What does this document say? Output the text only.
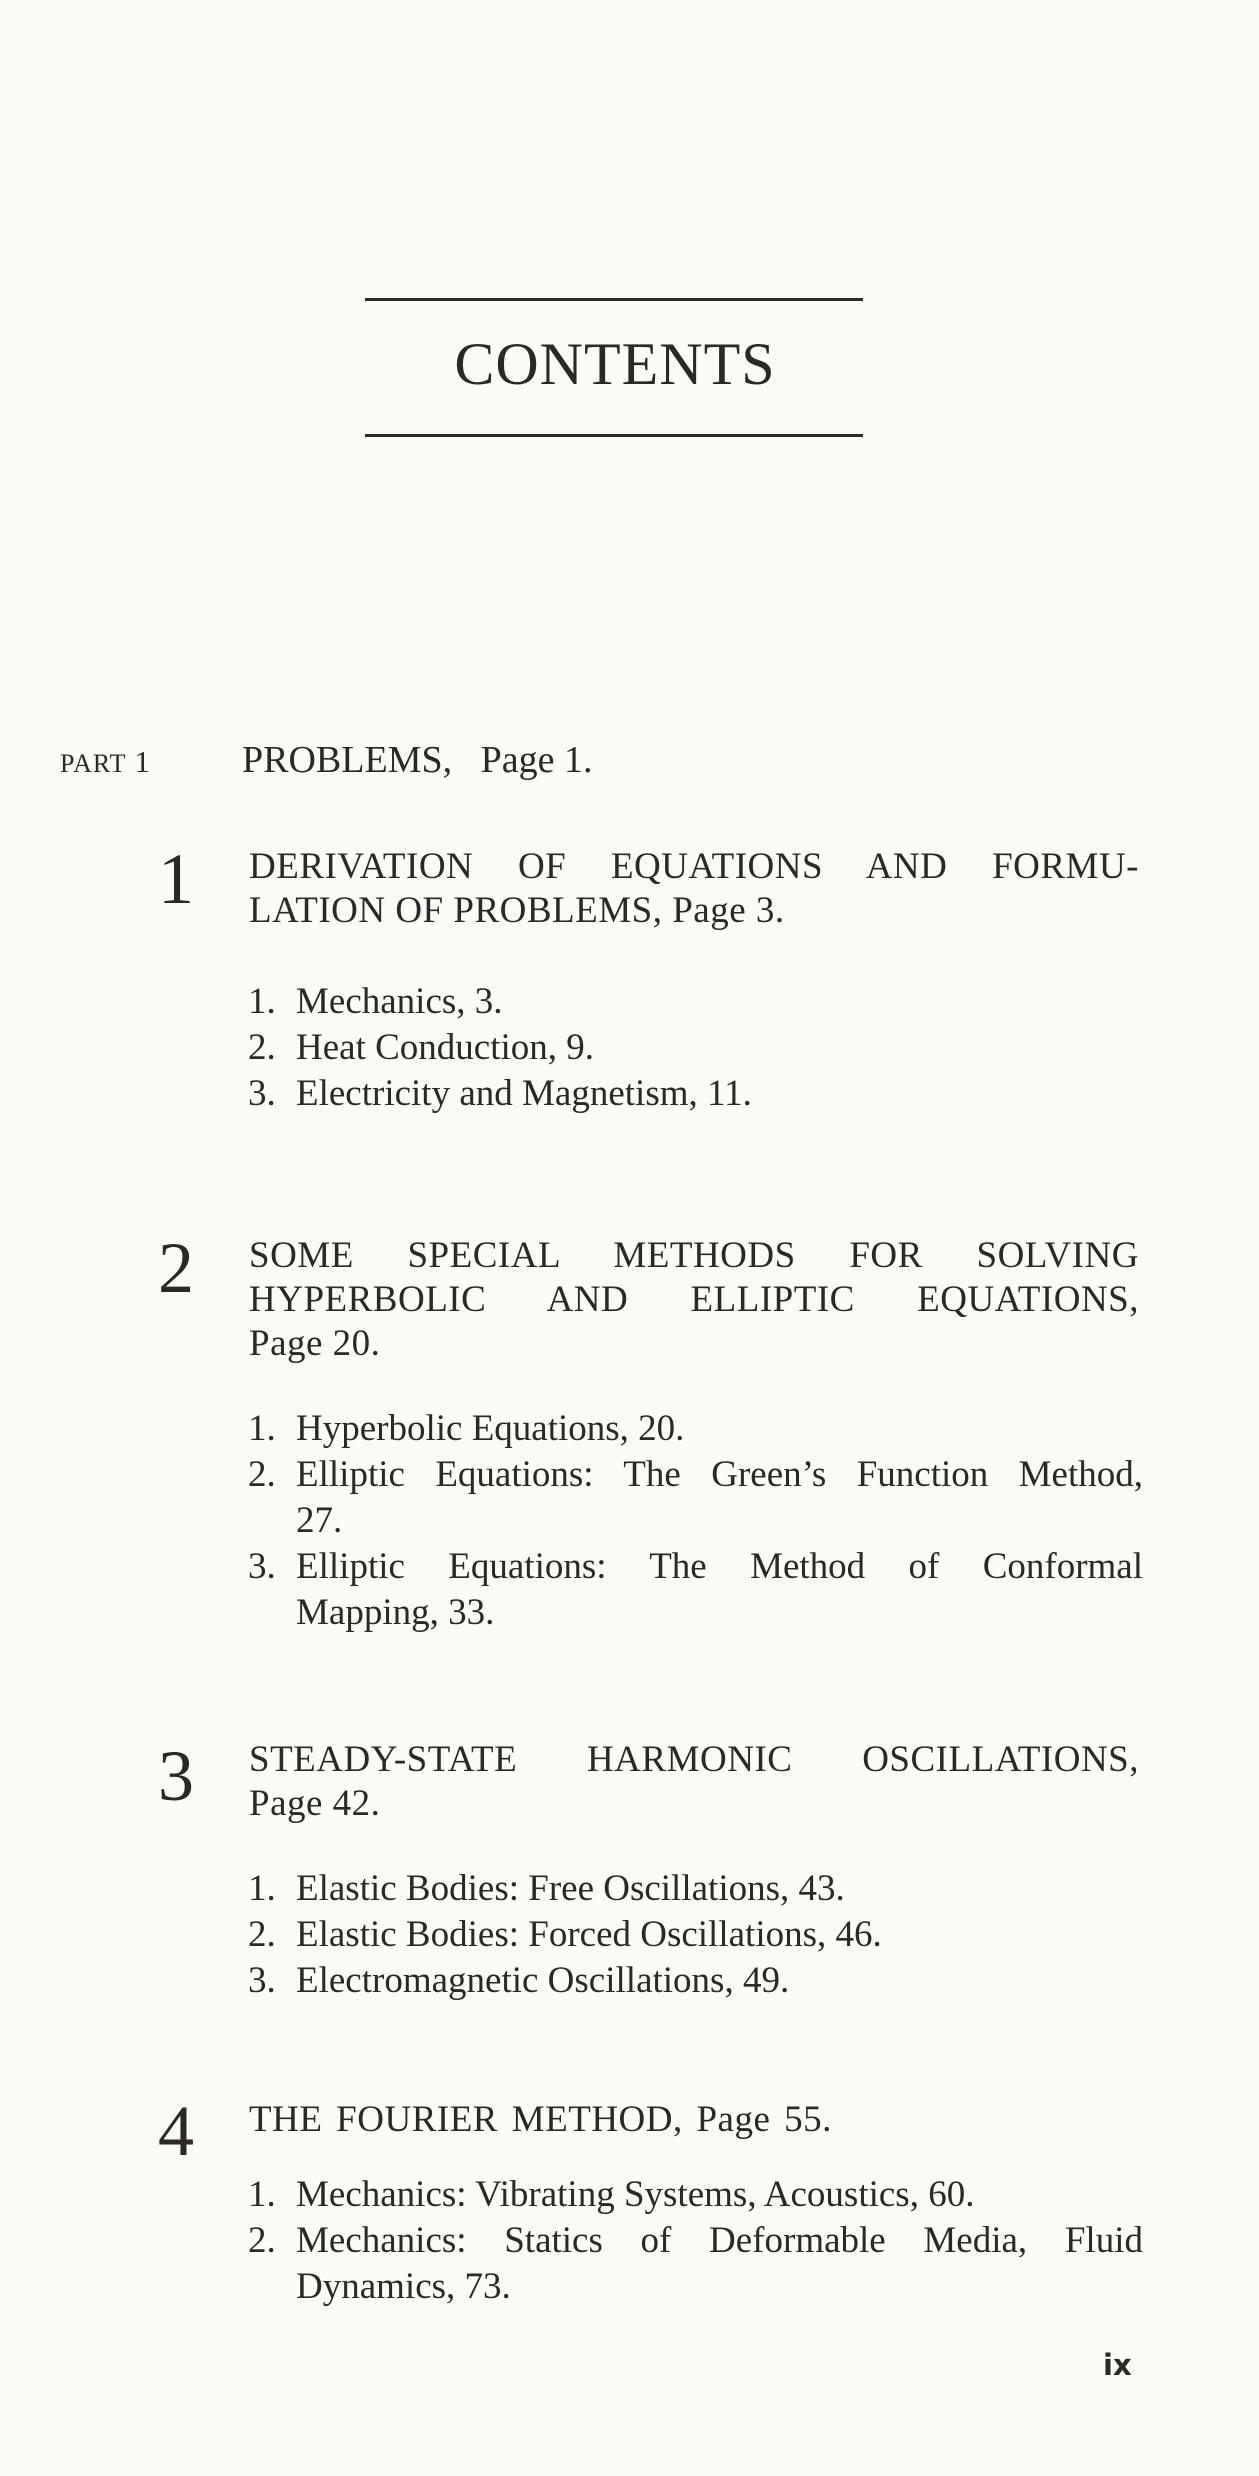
CONTENTS
PART 1 PROBLEMS, Page 1.
1 DERIVATION OF EQUATIONS AND FORMU-
LATION OF PROBLEMS, Page 3.
1. Mechanics, 3.
2. Heat Conduction, 9.
3. Electricity and Magnetism, 11.
2 SOME SPECIAL METHODS FOR SOLVING
HYPERBOLIC AND ELLIPTIC EQUATIONS,
Page 20.
1. Hyperbolic Equations, 20.
2. Elliptic Equations: The Green’s Function Method,
27.
3. Elliptic Equations: The Method of Conformal
Mapping, 33.
3 STEADY-STATE HARMONIC OSCILLATIONS,
Page 42.
1. Elastic Bodies: Free Oscillations, 43.
2. Elastic Bodies: Forced Oscillations, 46.
3. Electromagnetic Oscillations, 49.
4 THE FOURIER METHOD, Page 55.
1. Mechanics: Vibrating Systems, Acoustics, 60.
2. Mechanics: Statics of Deformable Media, Fluid
Dynamics, 73.
ix
